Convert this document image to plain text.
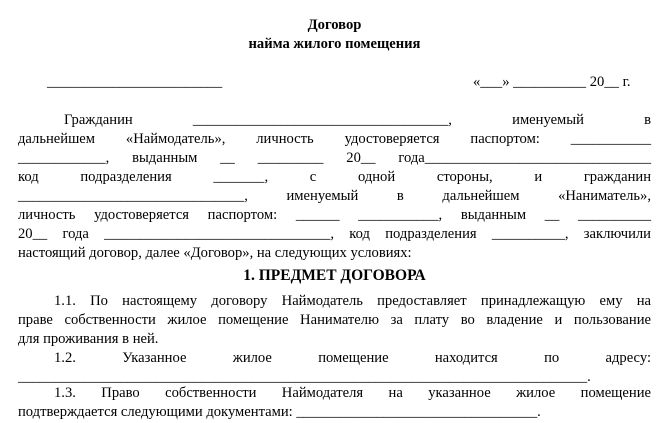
Договор
найма жилого помещения
________________________	«___» __________ 20__ г.
Гражданин ___________________________________, именуемый в
дальнейшем «Наймодатель», личность удостоверяется паспортом: ___________
____________, выданным __ _________ 20__ года_______________________________
код подразделения _______, с одной стороны, и гражданин
_______________________________, именуемый в дальнейшем «Наниматель»,
личность удостоверяется паспортом: ______ ___________, выданным __ __________
20__ года _______________________________, код подразделения __________, заключили
настоящий договор, далее «Договор», на следующих условиях:
1. ПРЕДМЕТ ДОГОВОРА
1.1. По настоящему договору Наймодатель предоставляет принадлежащую ему на
праве собственности жилое помещение Нанимателю за плату во владение и пользование
для проживания в ней.
1.2. Указанное жилое помещение находится по адресу:
______________________________________________________________________________.
1.3. Право собственности Наймодателя на указанное жилое помещение
подтверждается следующими документами: _________________________________.
